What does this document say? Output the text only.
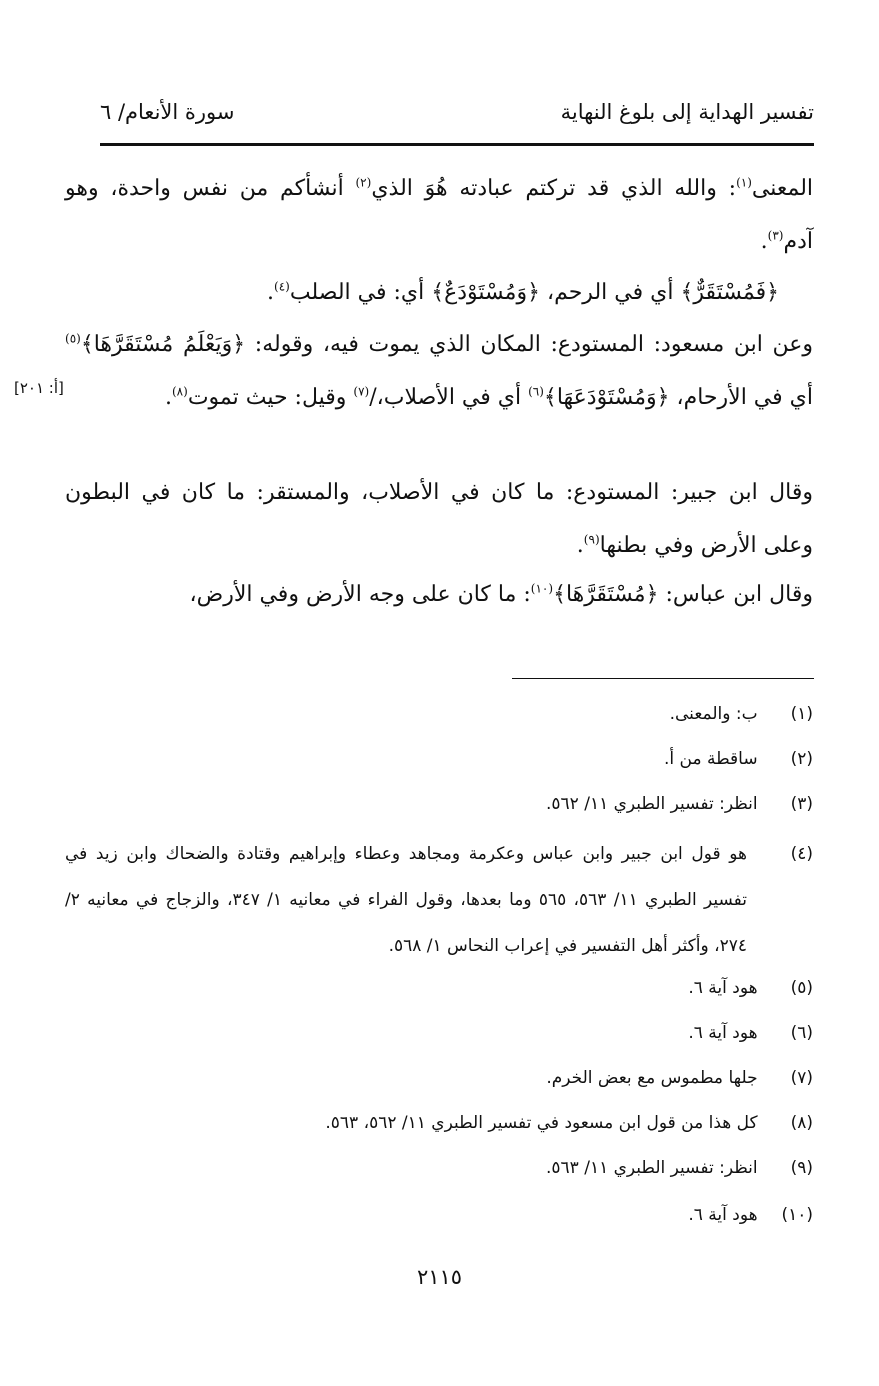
تفسير الهداية إلى بلوغ النهاية
سورة الأنعام/ ٦
المعنى$^{(١)}$: والله الذي قد تركتم عبادته هُوَ الذي$^{(٢)}$ أنشأكم من نفس واحدة، وهو آدم$^{(٣)}$.
﴿فَمُسْتَقَرٌّ﴾ أي في الرحم، ﴿وَمُسْتَوْدَعٌ﴾ أي: في الصلب$^{(٤)}$.
وعن ابن مسعود: المستودع: المكان الذي يموت فيه، وقوله: ﴿وَيَعْلَمُ مُسْتَقَرَّهَا﴾$^{(٥)}$ أي في الأرحام، ﴿وَمُسْتَوْدَعَهَا﴾$^{(٦)}$ أي في الأصلاب،/$^{(٧)}$ وقيل: حيث تموت$^{(٨)}$.
[أ: ٢٠١]
وقال ابن جبير: المستودع: ما كان في الأصلاب، والمستقر: ما كان في البطون وعلى الأرض وفي بطنها$^{(٩)}$.
وقال ابن عباس: ﴿مُسْتَقَرَّهَا﴾$^{(١٠)}$: ما كان على وجه الأرض وفي الأرض،
(١) ب: والمعنى.
(٢) ساقطة من أ.
(٣) انظر: تفسير الطبري ١١/ ٥٦٢.
(٤)
هو قول ابن جبير وابن عباس وعكرمة ومجاهد وعطاء وإبراهيم وقتادة والضحاك وابن زيد في تفسير الطبري ١١/ ٥٦٣، ٥٦٥ وما بعدها، وقول الفراء في معانيه ١/ ٣٤٧، والزجاج في معانيه ٢/ ٢٧٤، وأكثر أهل التفسير في إعراب النحاس ١/ ٥٦٨.
(٥) هود آية ٦.
(٦) هود آية ٦.
(٧) جلها مطموس مع بعض الخرم.
(٨) كل هذا من قول ابن مسعود في تفسير الطبري ١١/ ٥٦٢، ٥٦٣.
(٩) انظر: تفسير الطبري ١١/ ٥٦٣.
(١٠) هود آية ٦.
٢١١٥
